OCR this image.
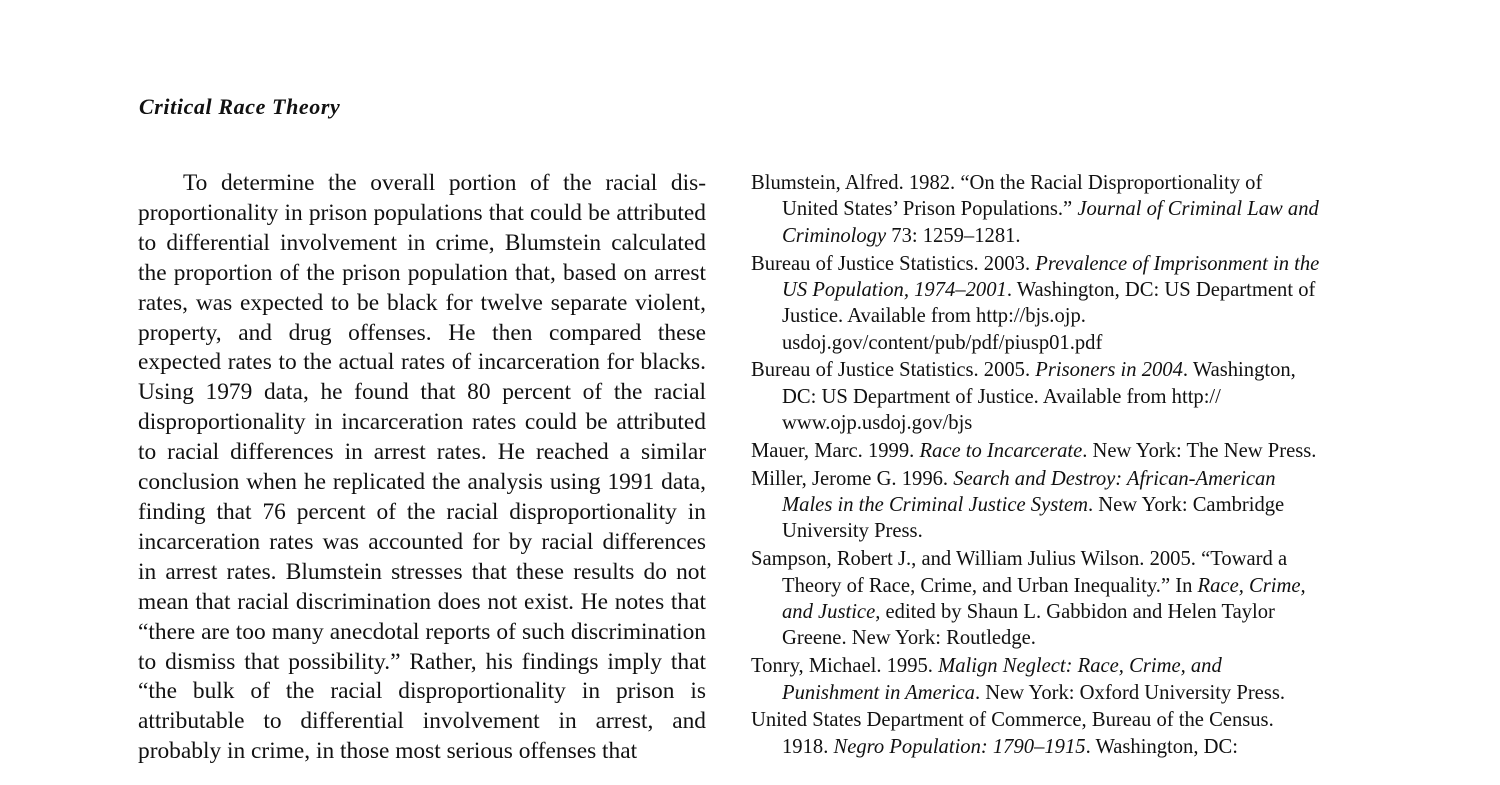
Critical Race Theory

To determine the overall portion of the racial disproportionality in prison populations that could be attributed to differential involvement in crime, Blumstein calculated the proportion of the prison population that, based on arrest rates, was expected to be black for twelve separate violent, property, and drug offenses. He then compared these expected rates to the actual rates of incarceration for blacks. Using 1979 data, he found that 80 percent of the racial disproportionality in incarceration rates could be attributed to racial differences in arrest rates. He reached a similar conclusion when he replicated the analysis using 1991 data, finding that 76 percent of the racial disproportionality in incarceration rates was accounted for by racial differences in arrest rates. Blumstein stresses that these results do not mean that racial discrimination does not exist. He notes that “there are too many anecdotal reports of such discrimination to dismiss that possibility.” Rather, his findings imply that “the bulk of the racial disproportionality in prison is attributable to differential involvement in arrest, and probably in crime, in those most serious offenses that

Blumstein, Alfred. 1982. “On the Racial Disproportionality of United States’ Prison Populations.” Journal of Criminal Law and Criminology 73: 1259–1281.
Bureau of Justice Statistics. 2003. Prevalence of Imprisonment in the US Population, 1974–2001. Washington, DC: US Department of Justice. Available from http://bjs.ojp.​usdoj.gov/content/pub/pdf/piusp01.pdf
Bureau of Justice Statistics. 2005. Prisoners in 2004. Washington, DC: US Department of Justice. Available from http://​www.ojp.usdoj.gov/bjs
Mauer, Marc. 1999. Race to Incarcerate. New York: The New Press.
Miller, Jerome G. 1996. Search and Destroy: African-American Males in the Criminal Justice System. New York: Cambridge University Press.
Sampson, Robert J., and William Julius Wilson. 2005. “Toward a Theory of Race, Crime, and Urban Inequality.” In Race, Crime, and Justice, edited by Shaun L. Gabbidon and Helen Taylor Greene. New York: Routledge.
Tonry, Michael. 1995. Malign Neglect: Race, Crime, and Punishment in America. New York: Oxford University Press.
United States Department of Commerce, Bureau of the Census. 1918. Negro Population: 1790–1915. Washington, DC:
